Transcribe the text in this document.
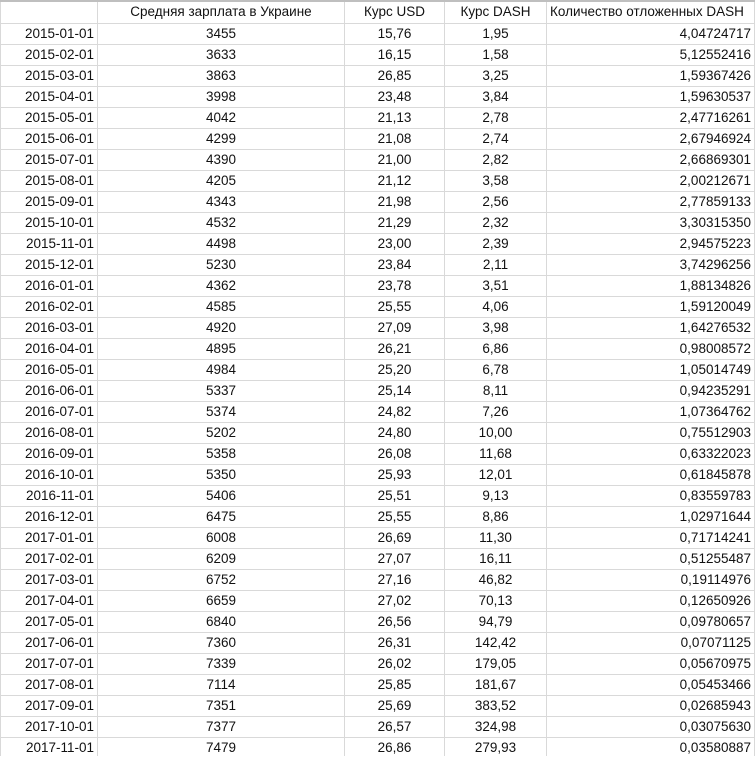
	Средняя зарплата в Украине	Курс USD	Курс DASH	Количество отложенных DASH
2015-01-01	3455	15,76	1,95	4,04724717
2015-02-01	3633	16,15	1,58	5,12552416
2015-03-01	3863	26,85	3,25	1,59367426
2015-04-01	3998	23,48	3,84	1,59630537
2015-05-01	4042	21,13	2,78	2,47716261
2015-06-01	4299	21,08	2,74	2,67946924
2015-07-01	4390	21,00	2,82	2,66869301
2015-08-01	4205	21,12	3,58	2,00212671
2015-09-01	4343	21,98	2,56	2,77859133
2015-10-01	4532	21,29	2,32	3,30315350
2015-11-01	4498	23,00	2,39	2,94575223
2015-12-01	5230	23,84	2,11	3,74296256
2016-01-01	4362	23,78	3,51	1,88134826
2016-02-01	4585	25,55	4,06	1,59120049
2016-03-01	4920	27,09	3,98	1,64276532
2016-04-01	4895	26,21	6,86	0,98008572
2016-05-01	4984	25,20	6,78	1,05014749
2016-06-01	5337	25,14	8,11	0,94235291
2016-07-01	5374	24,82	7,26	1,07364762
2016-08-01	5202	24,80	10,00	0,75512903
2016-09-01	5358	26,08	11,68	0,63322023
2016-10-01	5350	25,93	12,01	0,61845878
2016-11-01	5406	25,51	9,13	0,83559783
2016-12-01	6475	25,55	8,86	1,02971644
2017-01-01	6008	26,69	11,30	0,71714241
2017-02-01	6209	27,07	16,11	0,51255487
2017-03-01	6752	27,16	46,82	0,19114976
2017-04-01	6659	27,02	70,13	0,12650926
2017-05-01	6840	26,56	94,79	0,09780657
2017-06-01	7360	26,31	142,42	0,07071125
2017-07-01	7339	26,02	179,05	0,05670975
2017-08-01	7114	25,85	181,67	0,05453466
2017-09-01	7351	25,69	383,52	0,02685943
2017-10-01	7377	26,57	324,98	0,03075630
2017-11-01	7479	26,86	279,93	0,03580887
